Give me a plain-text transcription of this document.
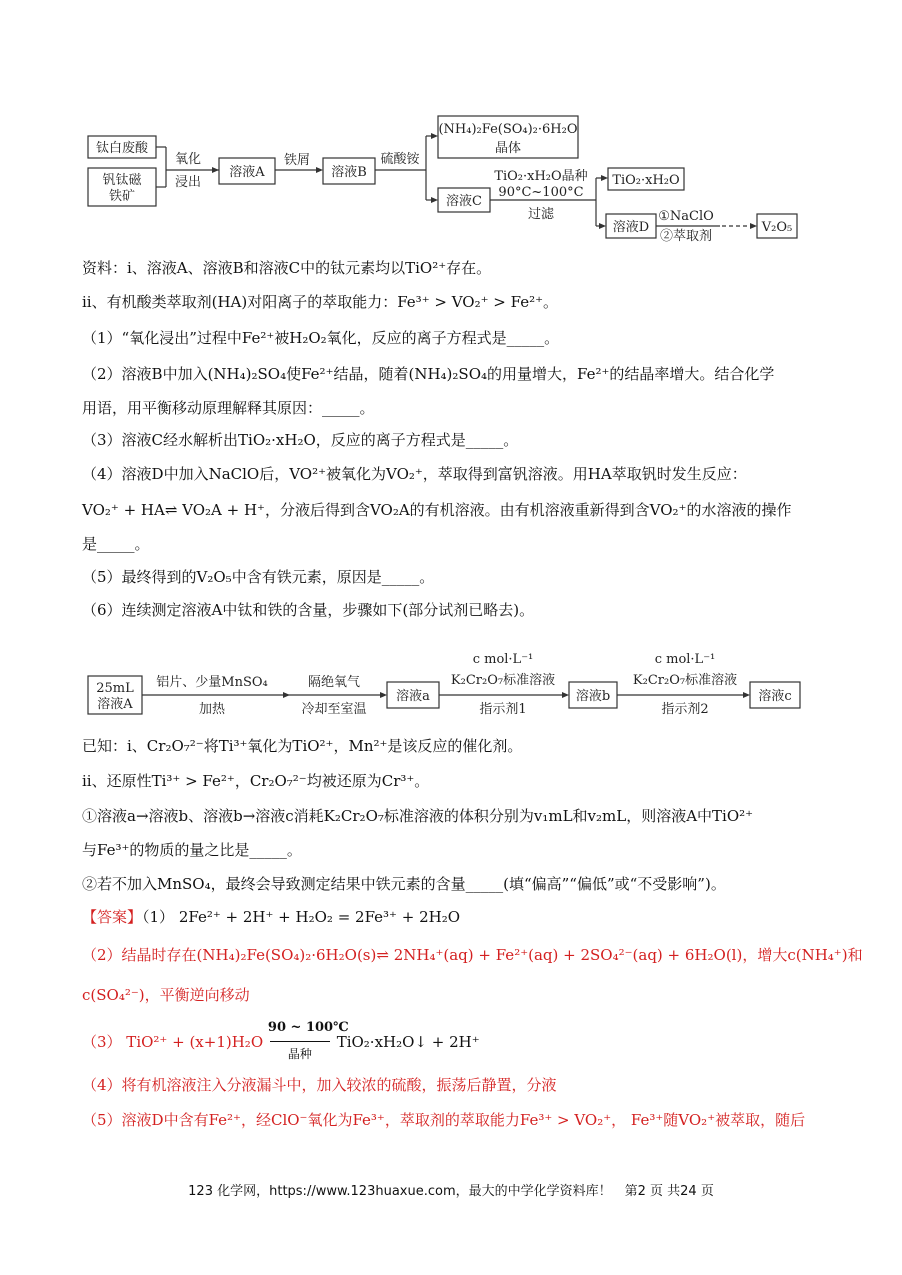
钛白废酸
钒钛磁
铁矿
氧化
浸出
溶液A
铁屑
溶液B
硫酸铵
(NH₄)₂Fe(SO₄)₂·6H₂O
晶体
溶液C
TiO₂·xH₂O晶种
90°C~100°C
过滤
TiO₂·xH₂O
溶液D
①NaClO
②萃取剂
V₂O₅
资料：i、溶液A、溶液B和溶液C中的钛元素均以TiO²⁺存在。
ii、有机酸类萃取剂(HA)对阳离子的萃取能力：Fe³⁺ > VO₂⁺ > Fe²⁺。
（1）“氧化浸出”过程中Fe²⁺被H₂O₂氧化，反应的离子方程式是_____。
（2）溶液B中加入(NH₄)₂SO₄使Fe²⁺结晶，随着(NH₄)₂SO₄的用量增大，Fe²⁺的结晶率增大。结合化学
用语，用平衡移动原理解释其原因：_____。
（3）溶液C经水解析出TiO₂·xH₂O，反应的离子方程式是_____。
（4）溶液D中加入NaClO后，VO²⁺被氧化为VO₂⁺，萃取得到富钒溶液。用HA萃取钒时发生反应：
VO₂⁺ + HA⇌ VO₂A + H⁺，分液后得到含VO₂A的有机溶液。由有机溶液重新得到含VO₂⁺的水溶液的操作
是_____。
（5）最终得到的V₂O₅中含有铁元素，原因是_____。
（6）连续测定溶液A中钛和铁的含量，步骤如下(部分试剂已略去)。
25mL
溶液A
铝片、少量MnSO₄
加热
隔绝氧气
冷却至室温
溶液a
c mol·L⁻¹
K₂Cr₂O₇标准溶液
指示剂1
溶液b
c mol·L⁻¹
K₂Cr₂O₇标准溶液
指示剂2
溶液c
已知：i、Cr₂O₇²⁻将Ti³⁺氧化为TiO²⁺，Mn²⁺是该反应的催化剂。
ii、还原性Ti³⁺ > Fe²⁺，Cr₂O₇²⁻均被还原为Cr³⁺。
①溶液a→溶液b、溶液b→溶液c消耗K₂Cr₂O₇标准溶液的体积分别为v₁mL和v₂mL，则溶液A中TiO²⁺
与Fe³⁺的物质的量之比是_____。
②若不加入MnSO₄，最终会导致测定结果中铁元素的含量_____(填“偏高”“偏低”或“不受影响”)。
【答案】（1） 2Fe²⁺ + 2H⁺ + H₂O₂ = 2Fe³⁺ + 2H₂O
（2）结晶时存在(NH₄)₂Fe(SO₄)₂·6H₂O(s)⇌ 2NH₄⁺(aq) + Fe²⁺(aq) + 2SO₄²⁻(aq) + 6H₂O(l)，增大c(NH₄⁺)和
c(SO₄²⁻)，平衡逆向移动
（3） TiO²⁺ + (x+1)H₂O
90 ~ 100℃
晶种
TiO₂·xH₂O↓ + 2H⁺
（4）将有机溶液注入分液漏斗中，加入较浓的硫酸，振荡后静置，分液
（5）溶液D中含有Fe²⁺，经ClO⁻氧化为Fe³⁺，萃取剂的萃取能力Fe³⁺ > VO₂⁺， Fe³⁺随VO₂⁺被萃取，随后
123 化学网，https://www.123huaxue.com，最大的中学化学资料库！　第2 页 共24 页
